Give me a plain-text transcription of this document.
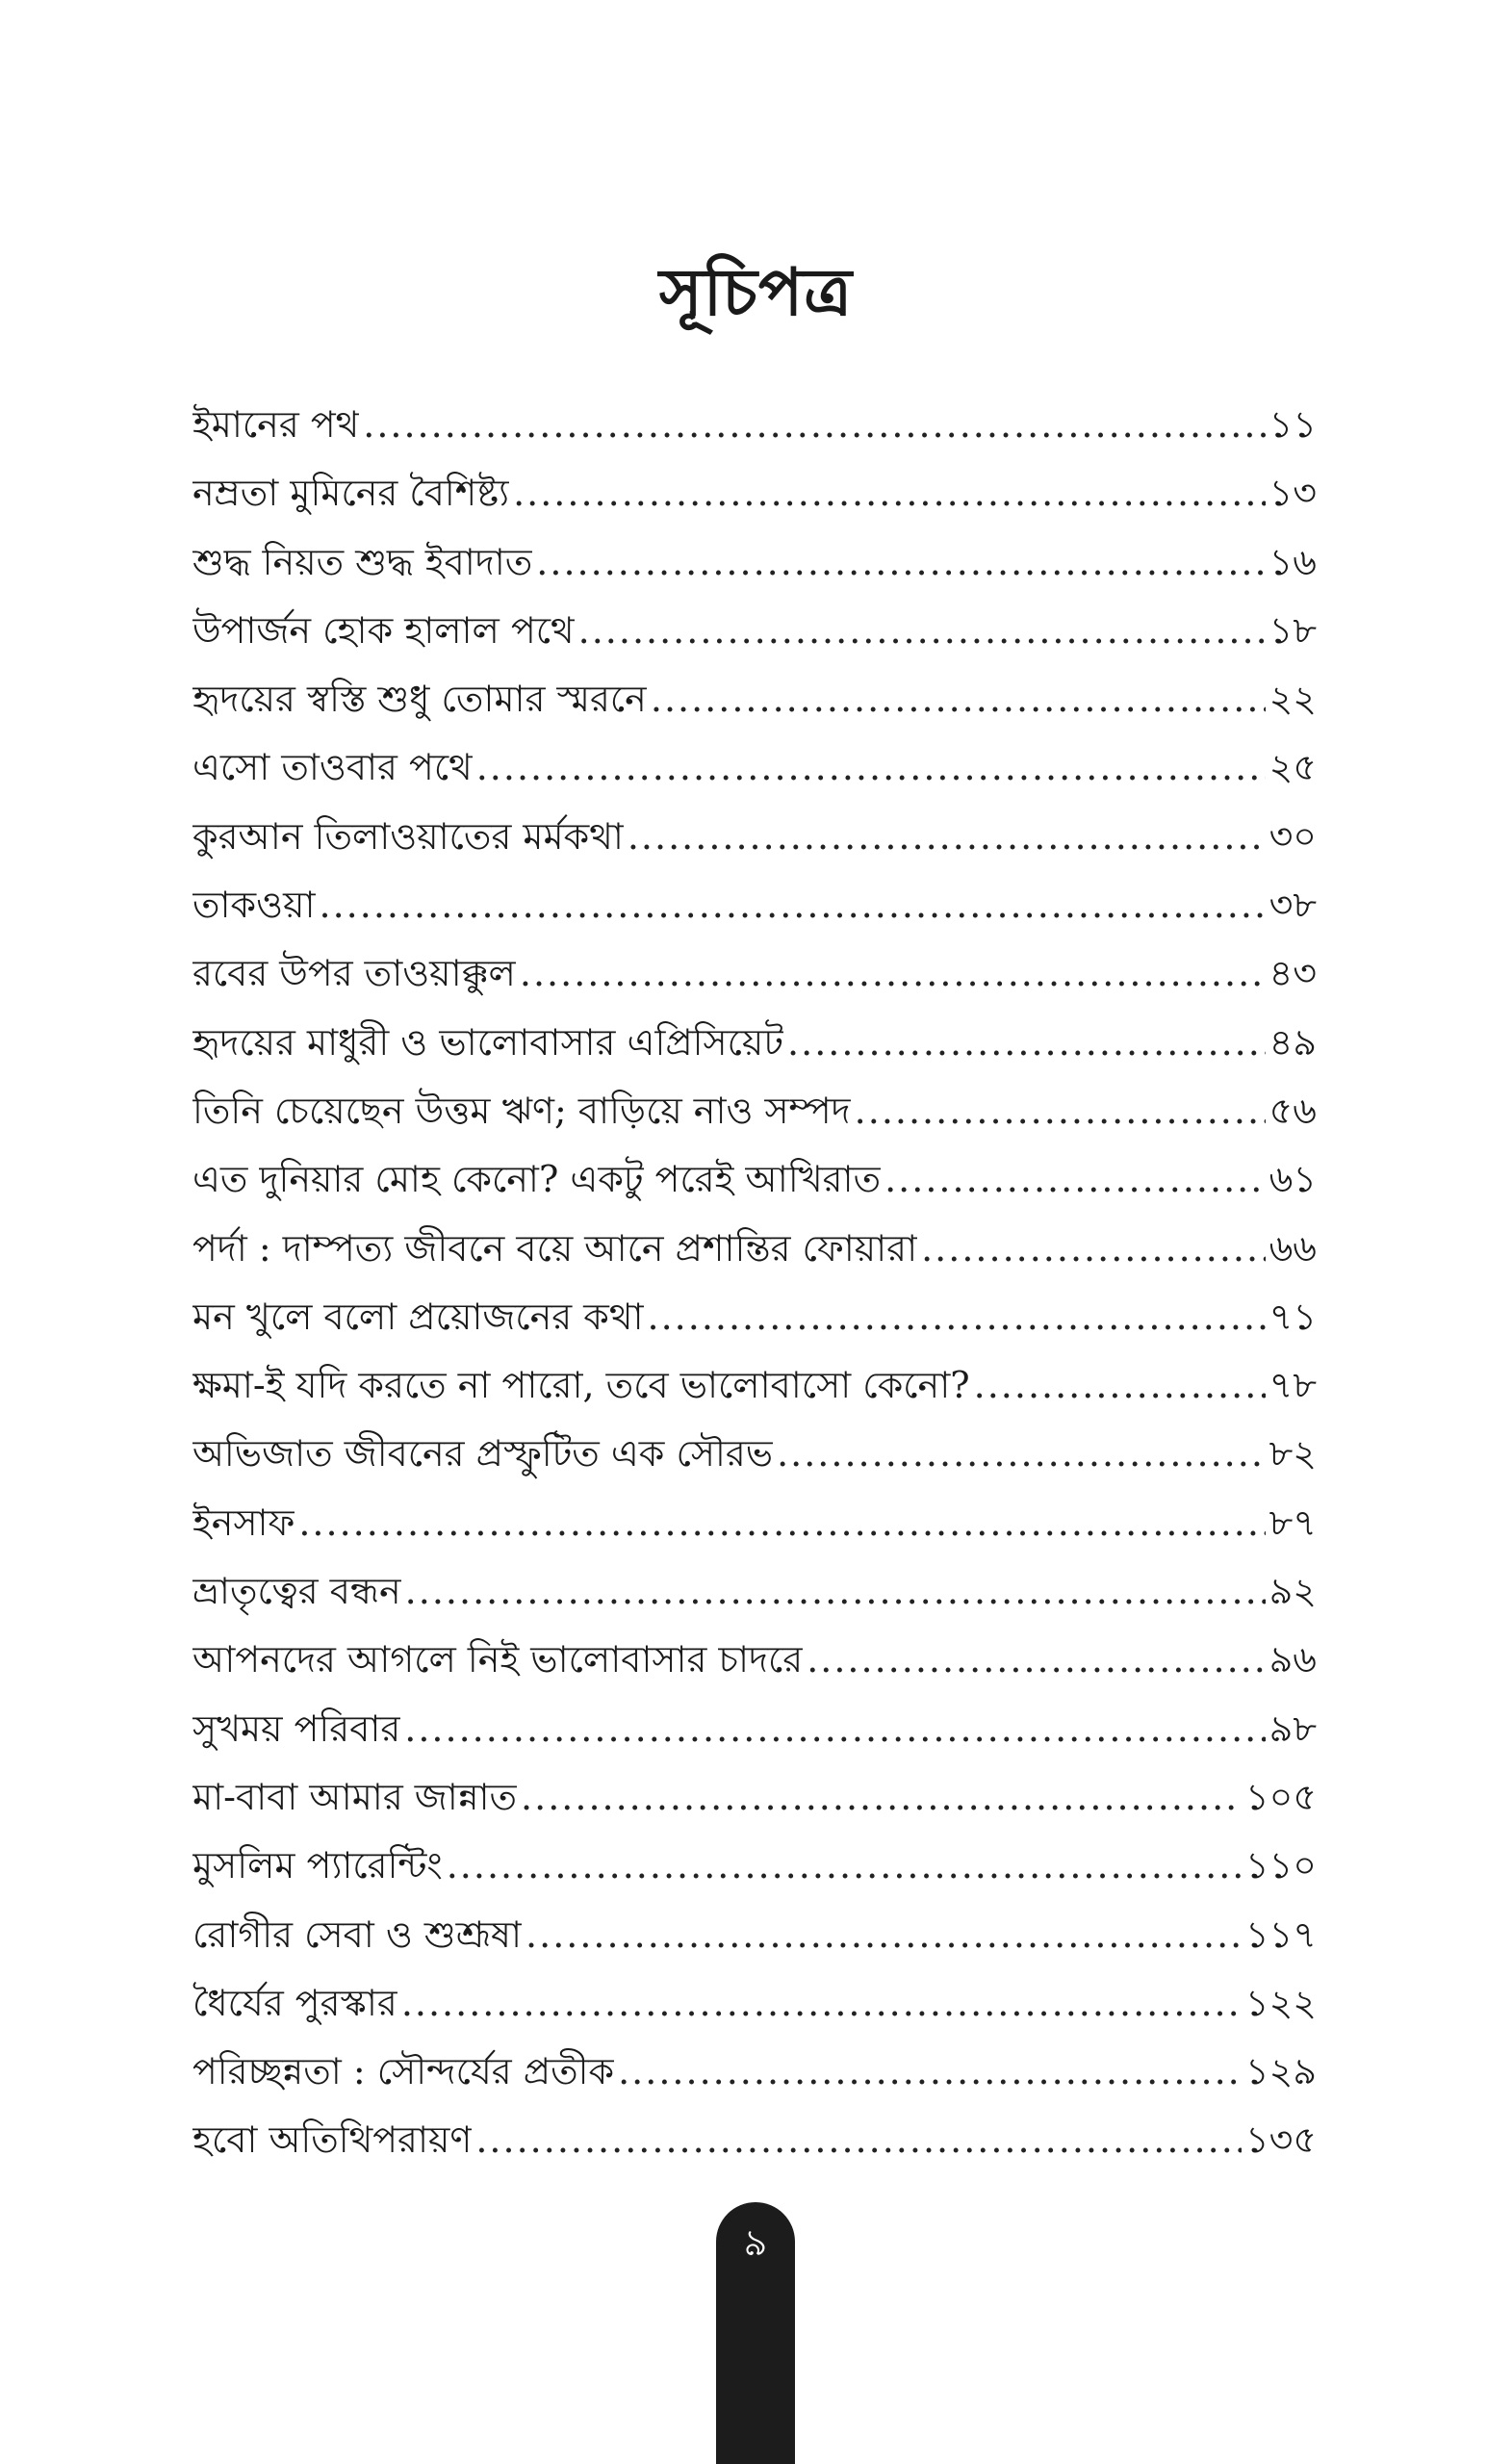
সূচিপত্র
ইমানের পথ .....	১১
নম্রতা মুমিনের বৈশিষ্ট্য .....	১৩
শুদ্ধ নিয়ত শুদ্ধ ইবাদাত .....	১৬
উপার্জন হোক হালাল পথে .....	১৮
হৃদয়ের স্বস্তি শুধু তোমার স্মরনে .....	২২
এসো তাওবার পথে .....	২৫
কুরআন তিলাওয়াতের মর্মকথা .....	৩০
তাকওয়া .....	৩৮
রবের উপর তাওয়াক্কুল .....	৪৩
হৃদয়ের মাধুরী ও ভালোবাসার এপ্রিসিয়েট .....	৪৯
তিনি চেয়েছেন উত্তম ঋণ; বাড়িয়ে নাও সম্পদ .....	৫৬
এত দুনিয়ার মোহ কেনো? একটু পরেই আখিরাত .....	৬১
পর্দা : দাম্পত্য জীবনে বয়ে আনে প্রশান্তির ফোয়ারা .....	৬৬
মন খুলে বলো প্রয়োজনের কথা .....	৭১
ক্ষমা-ই যদি করতে না পারো, তবে ভালোবাসো কেনো? .....	৭৮
অভিজাত জীবনের প্রস্ফুটিত এক সৌরভ .....	৮২
ইনসাফ .....	৮৭
ভ্রাতৃত্বের বন্ধন .....	৯২
আপনদের আগলে নিই ভালোবাসার চাদরে .....	৯৬
সুখময় পরিবার .....	৯৮
মা-বাবা আমার জান্নাত .....	১০৫
মুসলিম প্যারেন্টিং .....	১১০
রোগীর সেবা ও শুশ্রূষা .....	১১৭
ধৈর্যের পুরস্কার .....	১২২
পরিচ্ছন্নতা : সৌন্দর্যের প্রতীক .....	১২৯
হবো অতিথিপরায়ণ .....	১৩৫
৯
